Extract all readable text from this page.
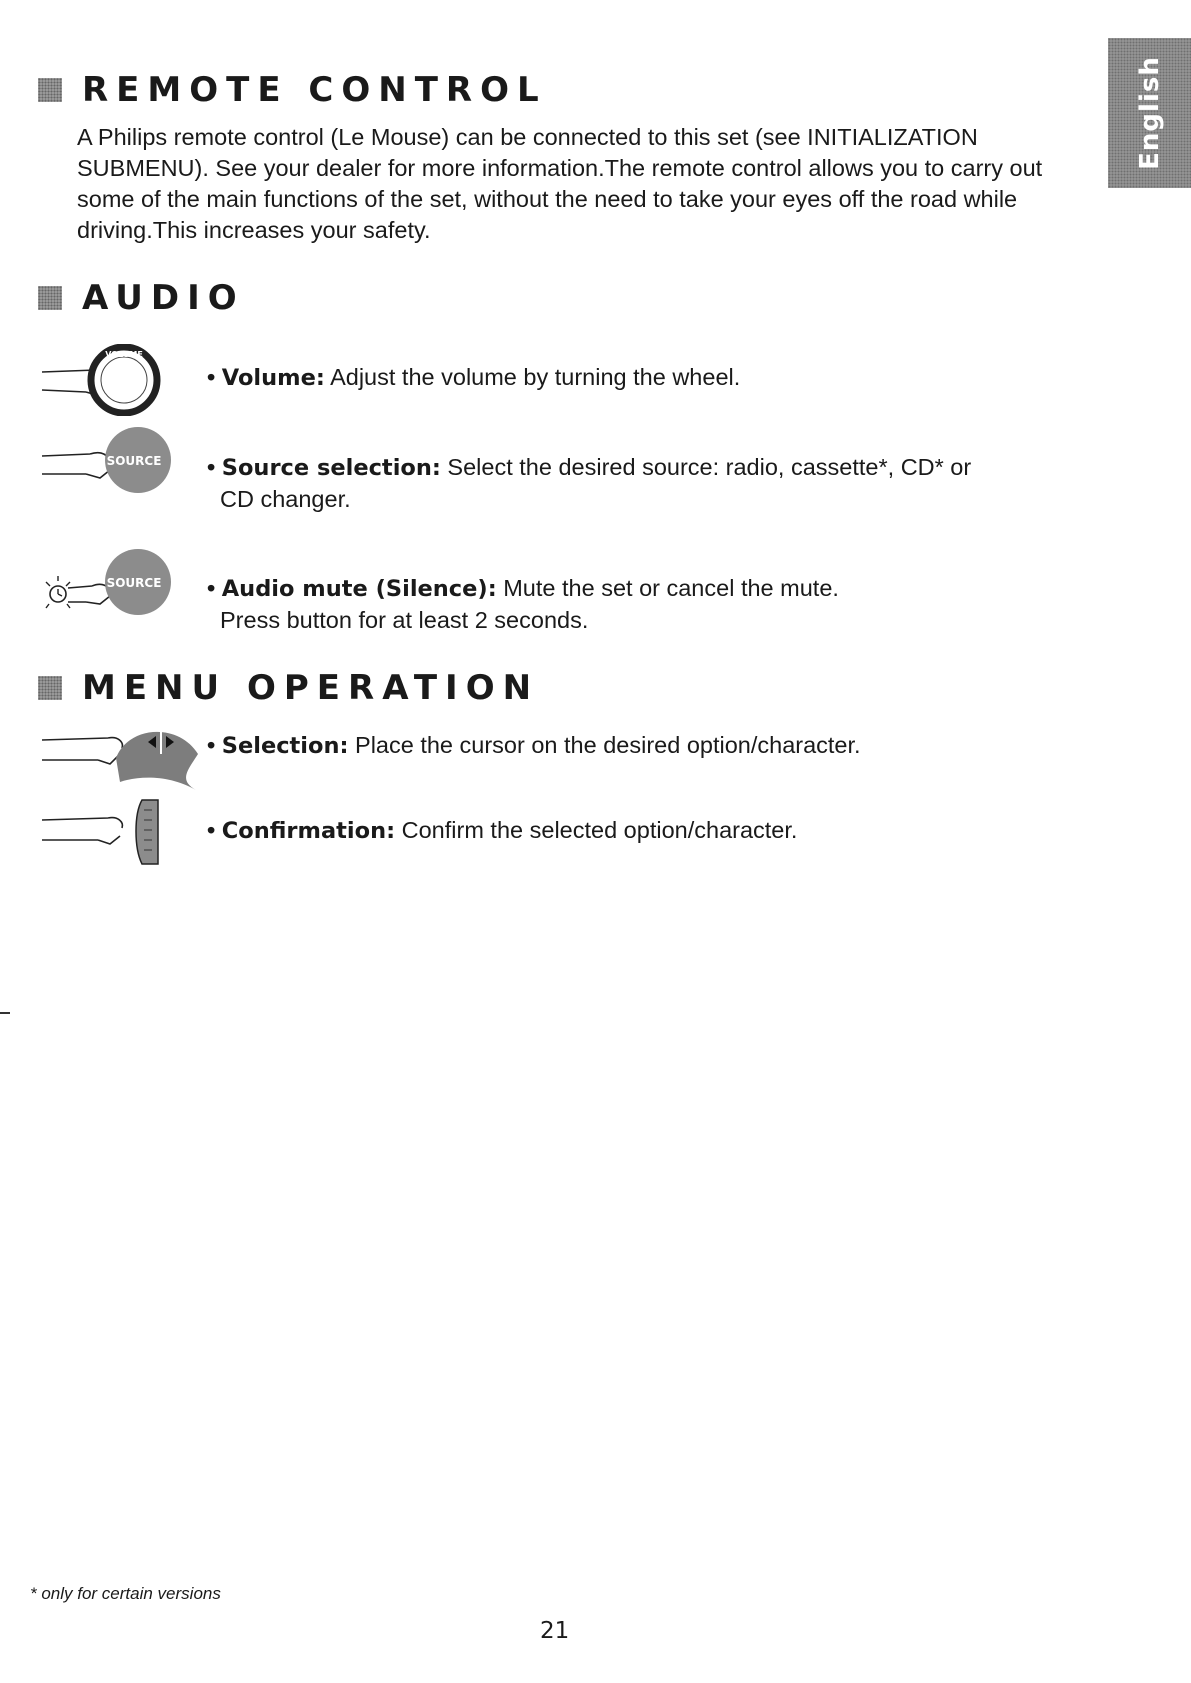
English
REMOTE CONTROL

A Philips remote control (Le Mouse) can be connected to this set (see INITIALIZATION SUBMENU). See your dealer for more information.The remote control allows you to carry out some of the main functions of the set, without the need to take your eyes off the road while driving.This increases your safety.

AUDIO
VOLUME

• Volume: Adjust the volume by turning the wheel.

SOURCE • Source selection: Select the desired source: radio, cassette*, CD* or
CD changer.

SOURCE • Audio mute (Silence): Mute the set or cancel the mute.
Press button for at least 2 seconds.

MENU OPERATION

• Selection: Place the cursor on the desired option/character.

• Confirmation: Confirm the selected option/character.

* only for certain versions

21
